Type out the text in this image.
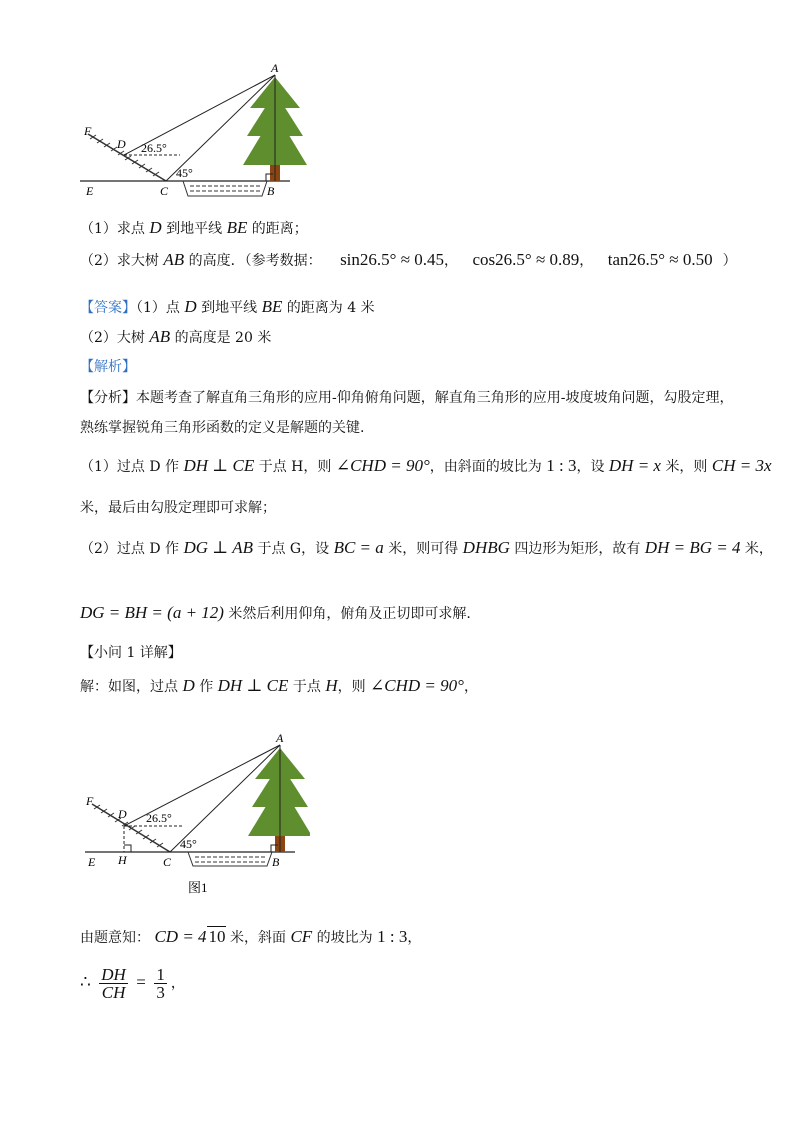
A
F
D 26.5°
45°
E	C	B
（1）求点 D 到地平线 BE 的距离；
（2）求大树 AB 的高度．（参考数据： sin26.5° ≈ 0.45， cos26.5° ≈ 0.89， tan26.5° ≈ 0.50 ）
【答案】（1）点 D 到地平线 BE 的距离为 4 米
（2）大树 AB 的高度是 20 米
【解析】
【分析】本题考查了解直角三角形的应用-仰角俯角问题，解直角三角形的应用-坡度坡角问题，勾股定理，
熟练掌握锐角三角形函数的定义是解题的关键.
（1）过点 D 作 DH ⊥ CE 于点 H，则 ∠CHD = 90°，由斜面的坡比为 1 : 3，设 DH = x 米，则 CH = 3x
米，最后由勾股定理即可求解；
（2）过点 D 作 DG ⊥ AB 于点 G，设 BC = a 米，则可得 DHBG 四边形为矩形，故有 DH = BG = 4 米，
DG = BH = (a + 12) 米然后利用仰角，俯角及正切即可求解.
【小问 1 详解】
解：如图，过点 D 作 DH ⊥ CE 于点 H，则 ∠CHD = 90°，
A
F
D 26.5°
45°
E H	C	B
图1
由题意知： CD = 4 10 米，斜面 CF 的坡比为 1 : 3，
∴ $\frac{DH}{CH} = \frac{1}{3}$ ，
